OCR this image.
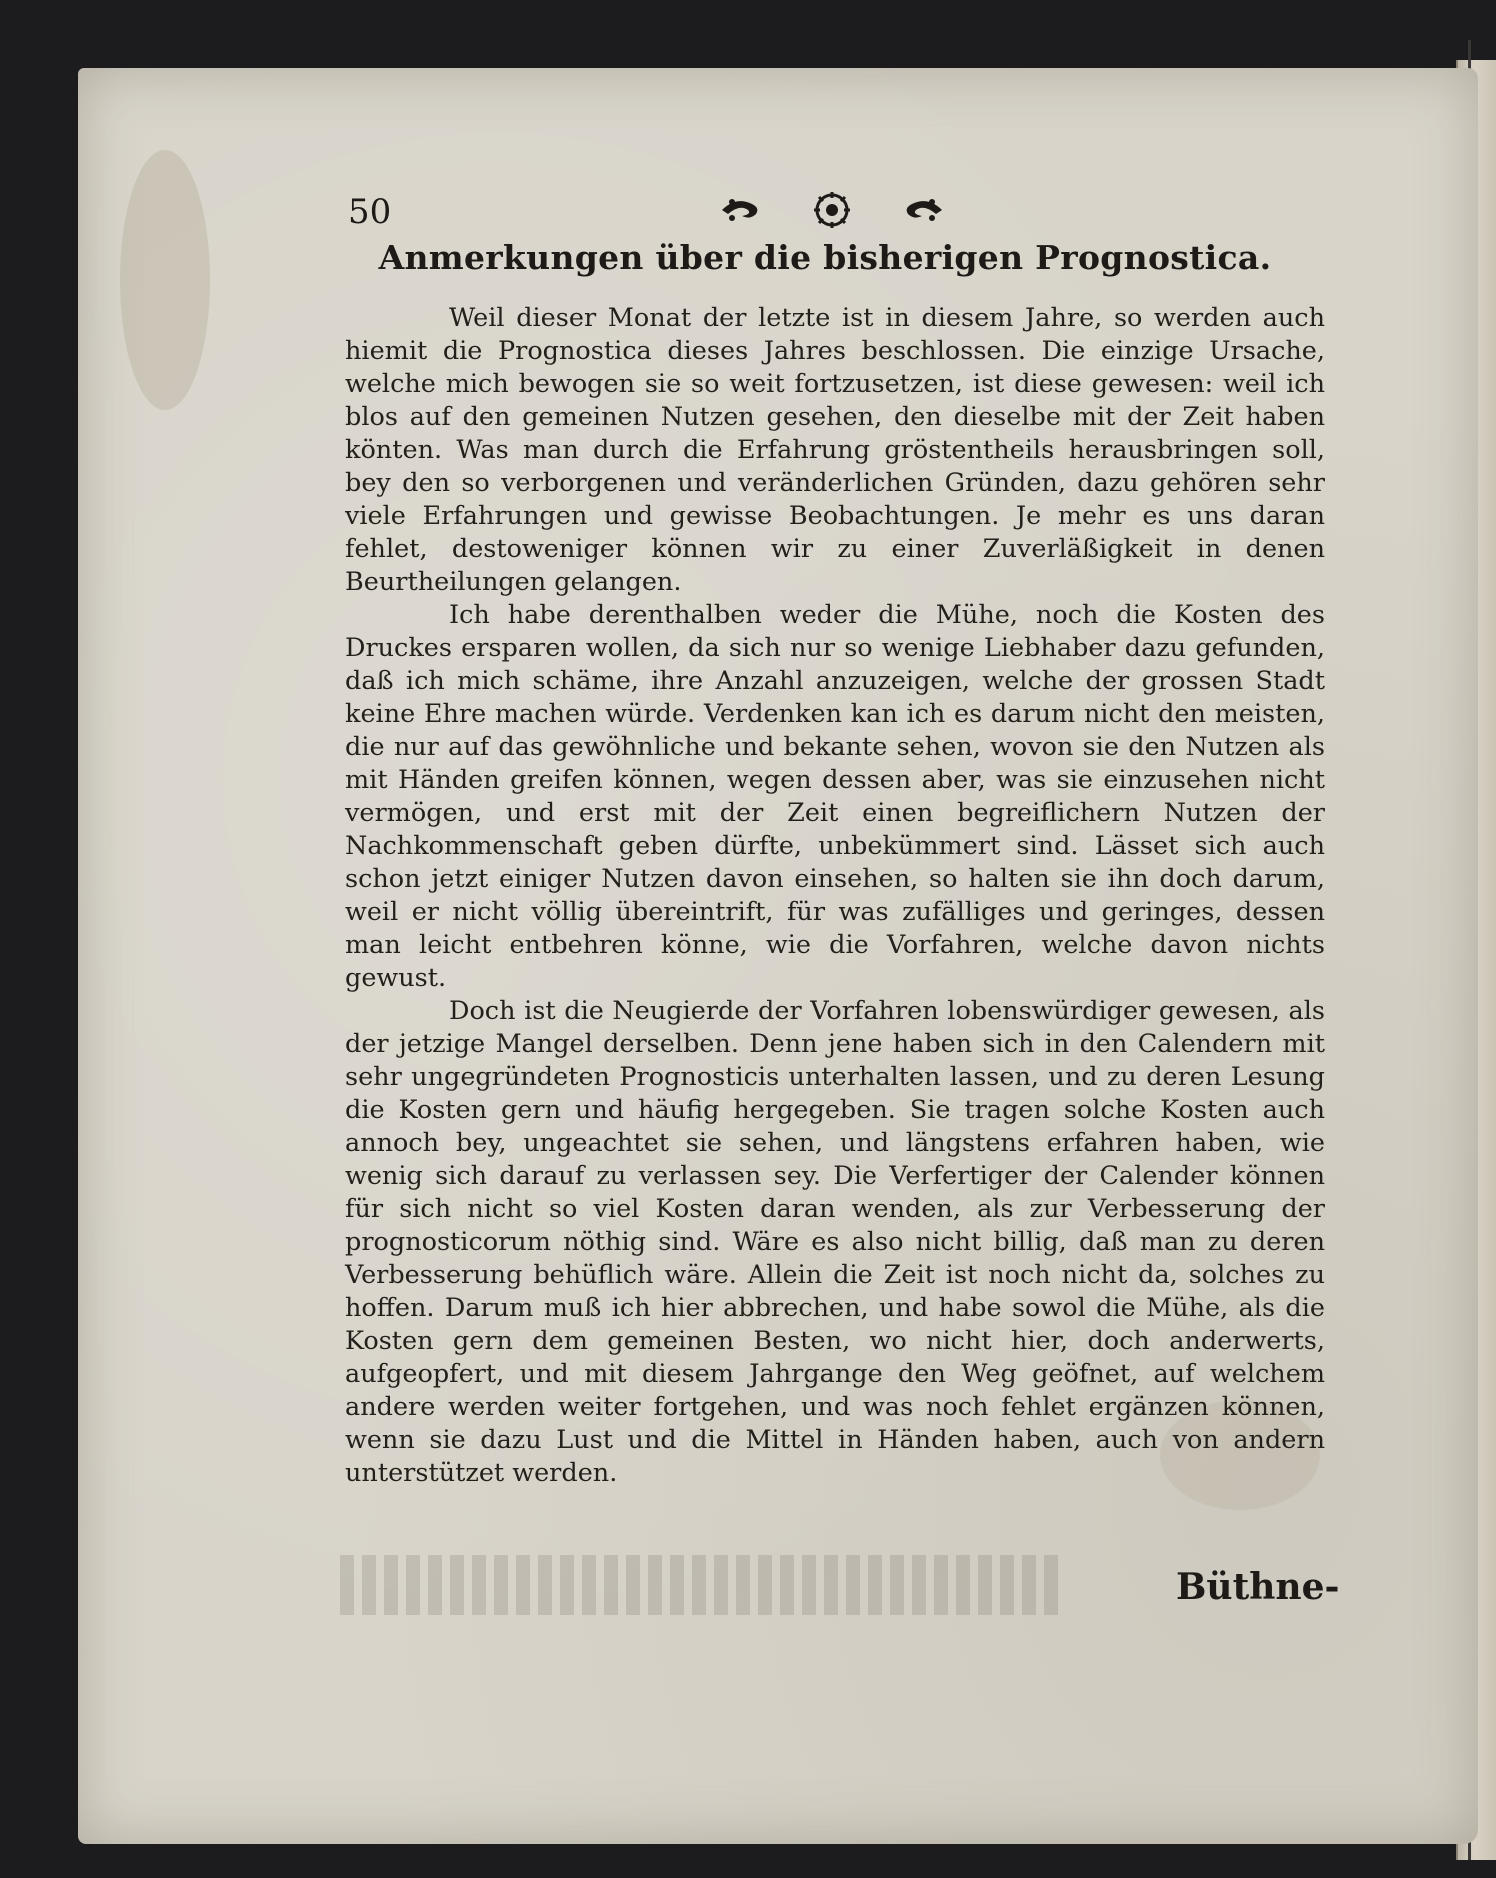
50
Anmerkungen über die bisherigen Prognostica.

Weil dieser Monat der letzte ist in diesem Jahre, so werden auch hiemit die Prognostica dieses Jahres beschlossen. Die einzige Ursache, welche mich bewogen sie so weit fortzusetzen, ist diese gewesen: weil ich blos auf den gemeinen Nutzen gesehen, den dieselbe mit der Zeit haben könten. Was man durch die Erfahrung gröstentheils herausbringen soll, bey den so verborgenen und veränderlichen Gründen, dazu gehören sehr viele Erfahrungen und gewisse Beobachtungen. Je mehr es uns daran fehlet, destoweniger können wir zu einer Zuverläßigkeit in denen Beurtheilungen gelangen.

Ich habe derenthalben weder die Mühe, noch die Kosten des Druckes ersparen wollen, da sich nur so wenige Liebhaber dazu gefunden, daß ich mich schäme, ihre Anzahl anzuzeigen, welche der grossen Stadt keine Ehre machen würde. Verdenken kan ich es darum nicht den meisten, die nur auf das gewöhnliche und bekante sehen, wovon sie den Nutzen als mit Händen greifen können, wegen dessen aber, was sie einzusehen nicht vermögen, und erst mit der Zeit einen begreiflichern Nutzen der Nachkommenschaft geben dürfte, unbekümmert sind. Lässet sich auch schon jetzt einiger Nutzen davon einsehen, so halten sie ihn doch darum, weil er nicht völlig übereintrift, für was zufälliges und geringes, dessen man leicht entbehren könne, wie die Vorfahren, welche davon nichts gewust.

Doch ist die Neugierde der Vorfahren lobenswürdiger gewesen, als der jetzige Mangel derselben. Denn jene haben sich in den Calendern mit sehr ungegründeten Prognosticis unterhalten lassen, und zu deren Lesung die Kosten gern und häufig hergegeben. Sie tragen solche Kosten auch annoch bey, ungeachtet sie sehen, und längstens erfahren haben, wie wenig sich darauf zu verlassen sey. Die Verfertiger der Calender können für sich nicht so viel Kosten daran wenden, als zur Verbesserung der prognosticorum nöthig sind. Wäre es also nicht billig, daß man zu deren Verbesserung behüflich wäre. Allein die Zeit ist noch nicht da, solches zu hoffen. Darum muß ich hier abbrechen, und habe sowol die Mühe, als die Kosten gern dem gemeinen Besten, wo nicht hier, doch anderwerts, aufgeopfert, und mit diesem Jahrgange den Weg geöfnet, auf welchem andere werden weiter fortgehen, und was noch fehlet ergänzen können, wenn sie dazu Lust und die Mittel in Händen haben, auch von andern unterstützet werden.

Büthne-
